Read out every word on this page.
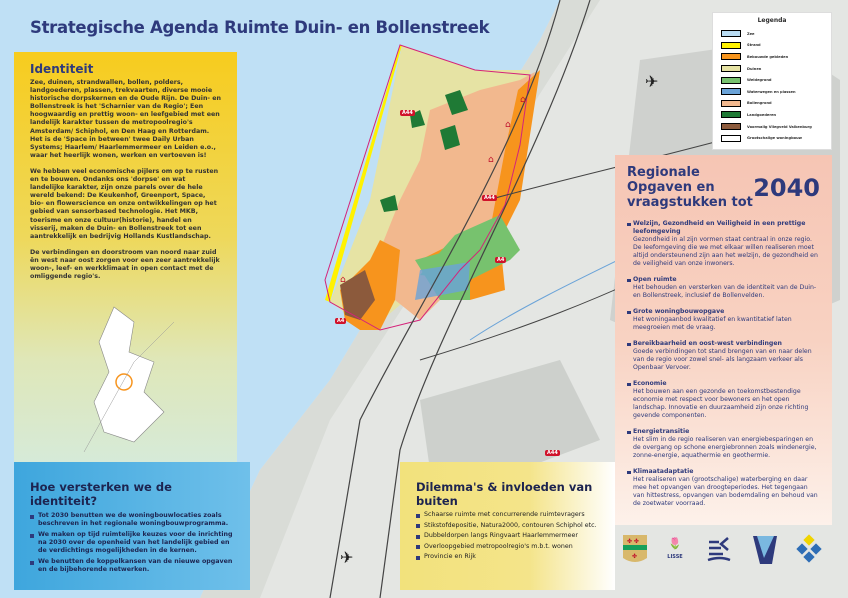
A44
A44
A4
A4
A44
⌂
⌂
⌂
⌂
✈
✈
Strategische Agenda Ruimte Duin- en Bollenstreek
Identiteit

Zee, duinen, strandwallen, bollen, polders, landgoederen, plassen, trekvaarten, diverse mooie historische dorpskernen en de Oude Rijn. De Duin- en Bollenstreek is het 'Scharnier van de Regio'; Een hoogwaardig en prettig woon- en leefgebied met een landelijk karakter tussen de metropoolregio's Amsterdam/ Schiphol, en Den Haag en Rotterdam. Het is de 'Space in between' twee Daily Urban Systems; Haarlem/ Haarlemmermeer en Leiden e.o., waar het heerlijk wonen, werken en vertoeven is!

We hebben veel economische pijlers om op te rusten en te bouwen. Ondanks ons 'dorpse' en wat landelijke karakter, zijn onze parels over de hele wereld bekend: De Keukenhof, Greenport, Space, bio- en flowerscience en onze ontwikkelingen op het gebied van sensorbased technologie. Het MKB, toerisme en onze cultuur(historie), handel en visserij, maken de Duin- en Bollenstreek tot een aantrekkelijk en bedrijvig Hollands Kustlandschap.

De verbindingen en doorstroom van noord naar zuid ēn west naar oost zorgen voor een zeer aantrekkelijk woon-, leef- en werkklimaat in open contact met de omliggende regio's.

Hoe versterken we de identiteit?
Tot 2030 benutten we de woningbouwlocaties zoals beschreven in het regionale woningbouwprogramma.
We maken op tijd ruimtelijke keuzes voor de inrichting na 2030 over de openheid van het landelijk gebied en de verdichtings mogelijkheden in de kernen.
We benutten de koppelkansen van de nieuwe opgaven en de bijbehorende netwerken.
Dilemma's & invloeden van buiten
Schaarse ruimte met concurrerende ruimtevragers
Stikstofdepositie, Natura2000, contouren Schiphol etc.
Dubbeldorpen langs Ringvaart Haarlemmermeer
Overloopgebied metropoolregio's m.b.t. wonen
Provincie en Rijk
Regionale Opgaven en vraagstukken tot
2040
Welzijn, Gezondheid en Veiligheid in een prettige leefomgeving
Gezondheid in al zijn vormen staat centraal in onze regio. De leefomgeving die we met elkaar willen realiseren moet altijd ondersteunend zijn aan het welzijn, de gezondheid en de veiligheid van onze inwoners.
Open ruimte
Het behouden en versterken van de identiteit van de Duin- en Bollenstreek, inclusief de Bollenvelden.
Grote woningbouwopgave
Het woningaanbod kwalitatief en kwantitatief laten meegroeien met de vraag.
Bereikbaarheid en oost-west verbindingen
Goede verbindingen tot stand brengen van en naar delen van de regio voor zowel snel- als langzaam verkeer als Openbaar Vervoer.
Economie
Het bouwen aan een gezonde en toekomstbestendige economie met respect voor bewoners en het open landschap. Innovatie en duurzaamheid zijn onze richting gevende componenten.
Energietransitie
Het slim in de regio realiseren van energiebesparingen en de overgang op schone energiebronnen zoals windenergie, zonne-energie, aquathermie en geothermie.
Klimaatadaptatie
Het realiseren van (grootschalige) waterberging en daar mee het opvangen van droogteperiodes. Het tegengaan van hittestress, opvangen van bodemdaling en behoud van de zoetwater voorraad.
Legenda
Zee
Strand
Bebouwde gebieden
Duinen
Weidegrond
Waterwegen en plassen
Bollengrond
Landgoederen
Voormalig Vliegveld Valkenburg
Grootschalige woningbouw
✤ ✤
✤
🌷
LISSE
